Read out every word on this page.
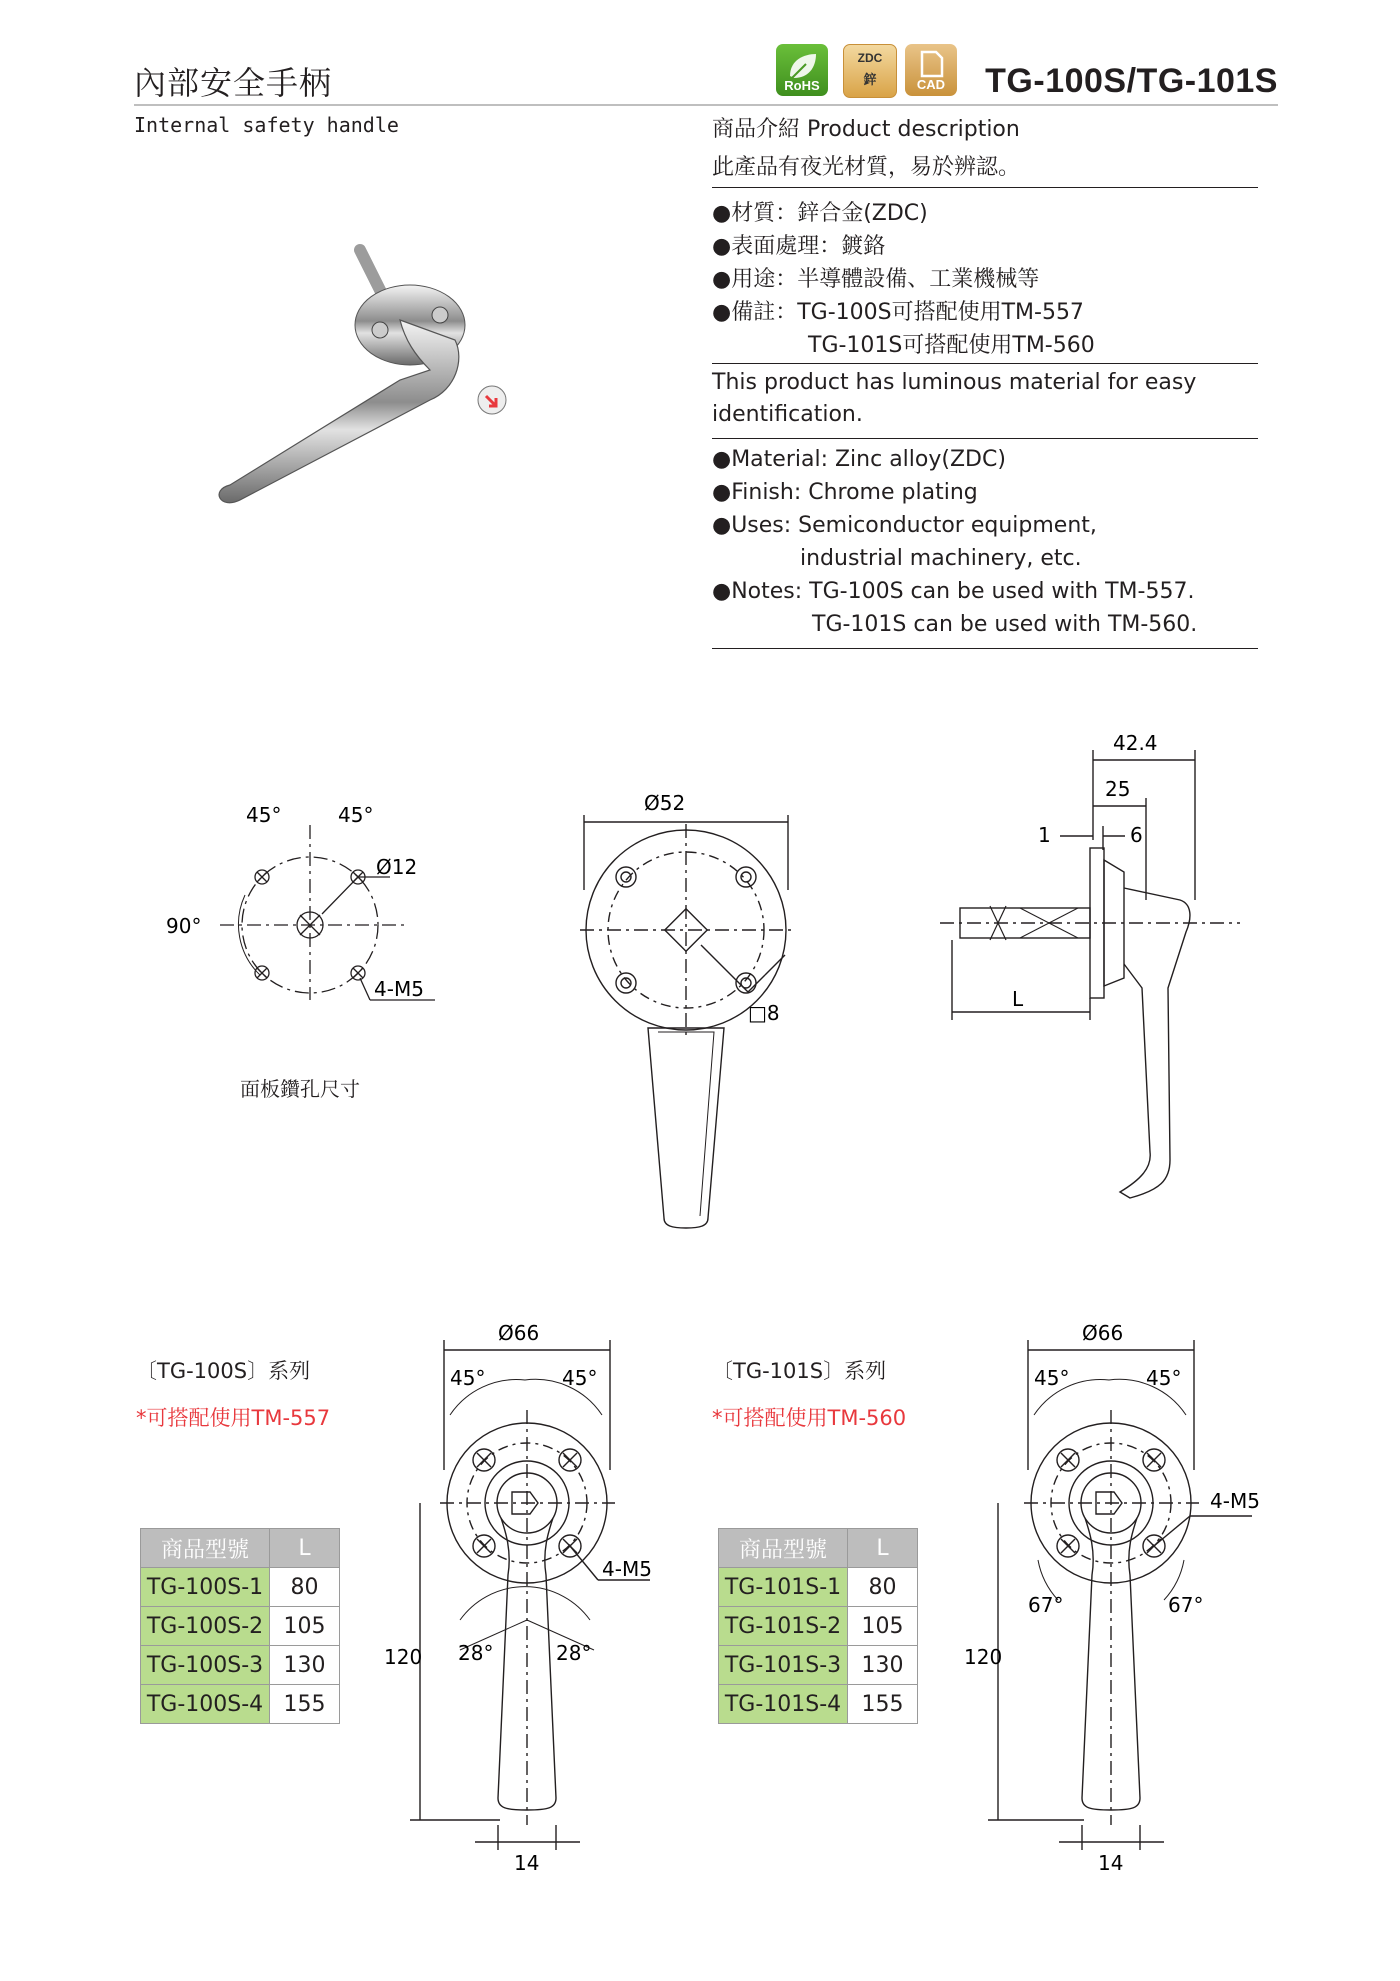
內部安全手柄
Internal safety handle
RoHS
ZDC
鋅	CAD	TG-100S/TG-101S
商品介紹 Product description
此產品有夜光材質，易於辨認。
● 材質：鋅合金(ZDC)
● 表面處理：鍍鉻
● 用途：半導體設備、工業機械等
● 備註：TG-100S可搭配使用TM-557
TG-101S可搭配使用TM-560
This product has luminous material for easy
identification.
● Material: Zinc alloy(ZDC)
● Finish: Chrome plating
● Uses: Semiconductor equipment,
industrial machinery, etc.
● Notes: TG-100S can be used with TM-557.
TG-101S can be used with TM-560.
45°	45°
90°
Ø12
4-M5
面板鑽孔尺寸
Ø52
□8
42.4
25
1	6
L
〔TG-100S〕系列
*可搭配使用TM-557
商品型號	L
TG-100S-1	80
TG-100S-2	105
TG-100S-3	130
TG-100S-4	155
Ø66
45°	45°
4-M5
28°	28°
120
14
〔TG-101S〕系列
*可搭配使用TM-560
商品型號	L
TG-101S-1	80
TG-101S-2	105
TG-101S-3	130
TG-101S-4	155
Ø66
45°	45°
4-M5
67°	67°
120
14
